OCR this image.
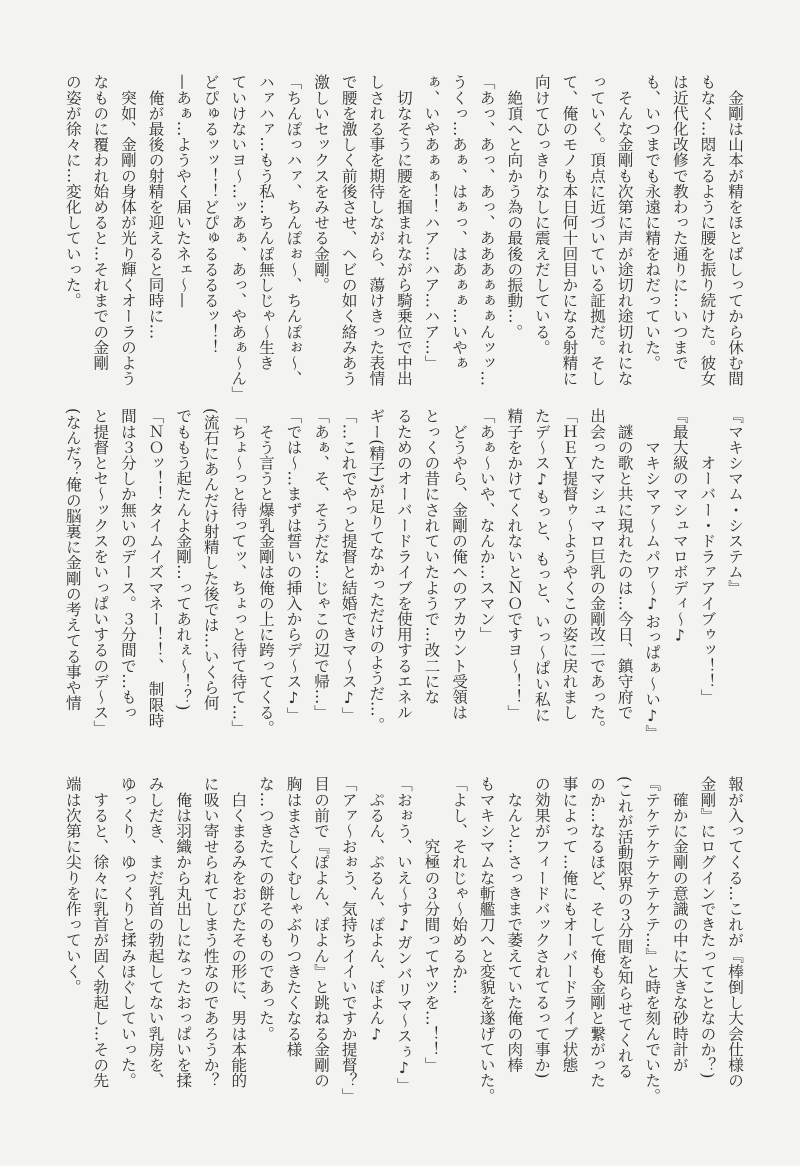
　金剛は山本が精をほとばしってから休む間
もなく…悶えるように腰を振り続けた。彼女
は近代化改修で教わった通りに…いつまで
も、いつまでも永遠に精をねだっていた。
　そんな金剛も次第に声が途切れ途切れにな
っていく。頂点に近づいている証拠だ。そし
て、俺のモノも本日何十回目かになる射精に
向けてひっきりなしに震えだしている。
　絶頂へと向かう為の最後の振動…。
「あっ、あっ、あっ、あああぁぁぁんッッ…
うくっ…あぁ、はぁっ、はあぁぁ…いやぁ
ぁ、いやあぁぁ！！ハア…ハア…ハア…」
　切なそうに腰を掴まれながら騎乗位で中出
しされる事を期待しながら、蕩けきった表情
で腰を激しく前後させ、ヘビの如く絡みあう
激しいセックスをみせる金剛。
「ちんぽっハァ、ちんぽぉ〜、ちんぽぉ〜、
ハァハァ…もう私…ちんぽ無しじゃ〜生き
ていけないヨ〜…ッあぁ、あっ、やあぁ〜ん」
どぴゅるッッ！！どぴゅるるるるッ！！
—あぁ…ようやく届いたネェ〜—
　俺が最後の射精を迎えると同時に…
　突如、金剛の身体が光り輝くオーラのよう
なものに覆われ始めると…それまでの金剛
の姿が徐々に…変化していった。
『マキシマム・システム』
　　　オーバー・ドラァアイブゥッ！！」
『最大級のマシュマロボディ〜♪
　　マキシマァ〜ムパワ〜♪おっぱぁ〜い♪』
　謎の歌と共に現れたのは…今日、鎮守府で
出会ったマシュマロ巨乳の金剛改二であった。
「ＨＥＹ提督ゥ〜ようやくこの姿に戻れまし
たデ〜ス♪もっと、もっと、いっ〜ぱい私に
精子をかけてくれないとＮＯですヨ〜！！」
「あぁ〜いや、なんか…スマン」
　どうやら、金剛の俺へのアカウント受領は
とっくの昔にされていたようで…改二にな
るためのオーバードライブを使用するエネル
ギー(精子)が足りてなかっただけのようだ…。
「…これでやっと提督と結婚できマ〜ス♪」
「あぁ、そ、そうだな…じゃこの辺で帰…」
「では〜…まずは誓いの挿入からデ〜ス♪」
　そう言うと爆乳金剛は俺の上に跨ってくる。
「ちょ〜っと待ってッ、ちょっと待て待て…」
(流石にあんだけ射精した後では…いくら何
でももう起たんよ金剛…ってあれぇ〜！？)
「ＮＯッ！！タイムイズマネー！！、　制限時
間は３分しか無いのデース。３分間で…もっ
と提督とセ〜ックスをいっぱいするのデ〜ス」
(なんだ？俺の脳裏に金剛の考えてる事や情
報が入ってくる…これが『棒倒し大会仕様の
金剛』にログインできたってことなのか？)
　確かに金剛の意識の中に大きな砂時計が
『テケテケテケテケテ…』と時を刻んでいた。
(これが活動限界の３分間を知らせてくれる
のか…なるほど、そして俺も金剛と繋がった
事によって…俺にもオーバードライブ状態
の効果がフィードバックされてるって事か)
　なんと…さっきまで萎えていた俺の肉棒
もマキシマムな斬艦刀へと変貌を遂げていた。
「よし、それじゃ〜始めるか…
　　　　究極の３分間ってヤツを…！！」
「おぉう、いえ〜す♪ガンバリマ〜スぅ♪」
　ぷるん、ぷるん、ぽよん、ぽよん♪
「アァ〜おぉう、気持ちイイいですか提督？」
目の前で『ぽよん、ぽよん』と跳ねる金剛の
胸はまさしくむしゃぶりつきたくなる様
な…つきたての餅そのものであった。
　白くまるみをおびたその形に、男は本能的
に吸い寄せられてしまう性なのであろうか？
　俺は羽織から丸出しになったおっぱいを揉
みしだき、まだ乳首の勃起してない乳房を、
ゆっくり、ゆっくりと揉みほぐしていった。
　すると、徐々に乳首が固く勃起し…その先
端は次第に尖りを作っていく。
